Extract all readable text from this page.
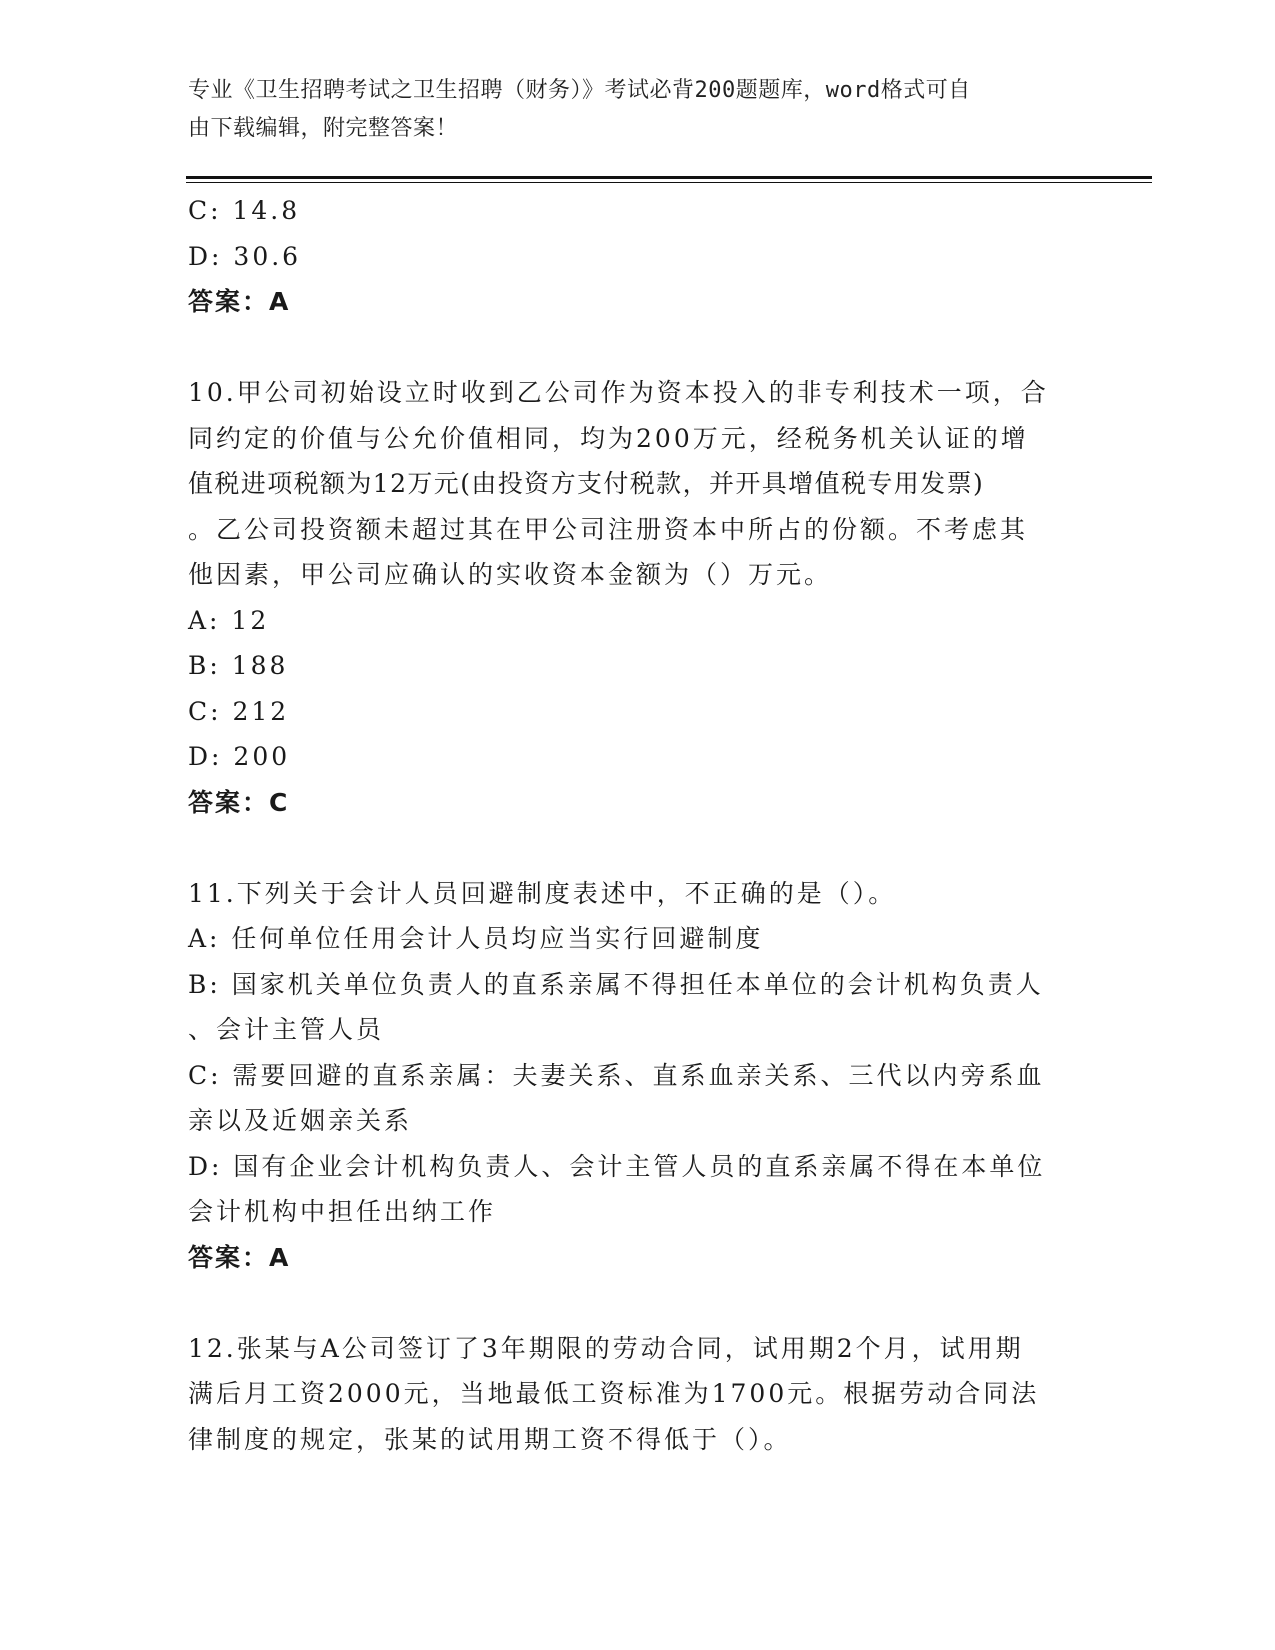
专业《卫生招聘考试之卫生招聘（财务）》考试必背200题题库，word格式可自
由下载编辑，附完整答案！
C: 14.8
D: 30.6
答案：A
10.甲公司初始设立时收到乙公司作为资本投入的非专利技术一项，合
同约定的价值与公允价值相同，均为200万元，经税务机关认证的增
值税进项税额为12万元(由投资方支付税款，并开具增值税专用发票)
。乙公司投资额未超过其在甲公司注册资本中所占的份额。不考虑其
他因素，甲公司应确认的实收资本金额为（）万元。
A: 12
B: 188
C: 212
D: 200
答案：C
11.下列关于会计人员回避制度表述中，不正确的是（）。
A: 任何单位任用会计人员均应当实行回避制度
B: 国家机关单位负责人的直系亲属不得担任本单位的会计机构负责人
、会计主管人员
C: 需要回避的直系亲属：夫妻关系、直系血亲关系、三代以内旁系血
亲以及近姻亲关系
D: 国有企业会计机构负责人、会计主管人员的直系亲属不得在本单位
会计机构中担任出纳工作
答案：A
12.张某与A公司签订了3年期限的劳动合同，试用期2个月，试用期
满后月工资2000元，当地最低工资标准为1700元。根据劳动合同法
律制度的规定，张某的试用期工资不得低于（）。
